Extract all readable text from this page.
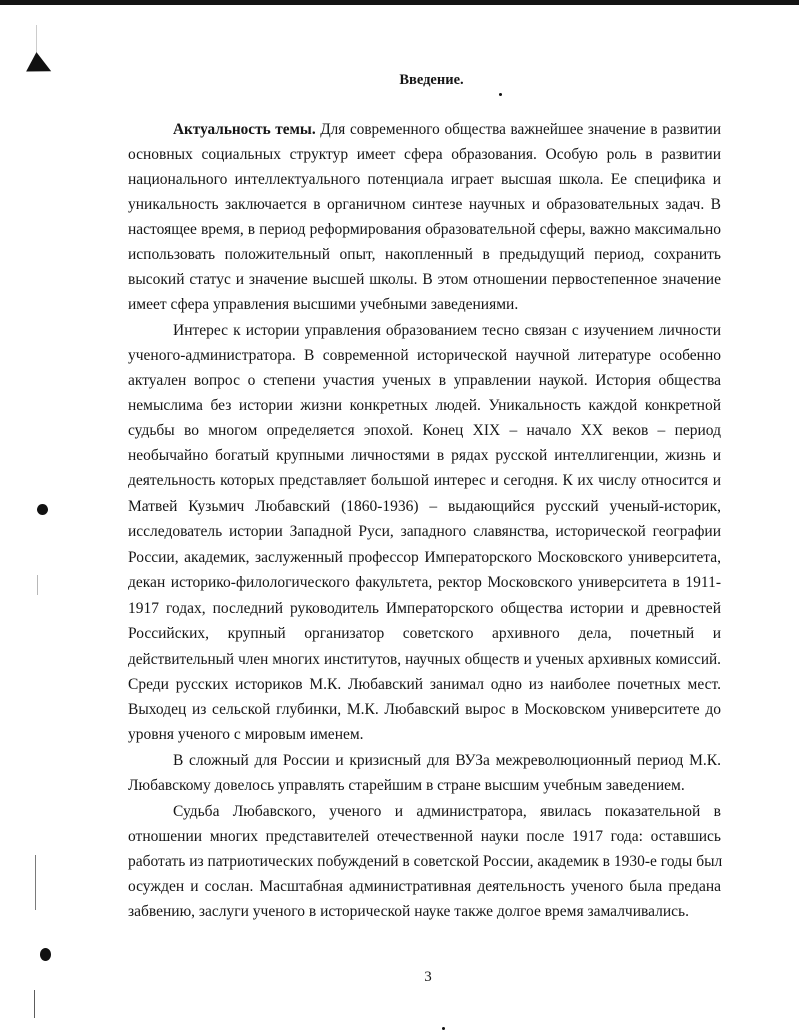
Введение.
Актуальность темы. Для современного общества важнейшее значение в развитии
основных социальных структур имеет сфера образования. Особую роль в развитии
национального интеллектуального потенциала играет высшая школа. Ее специфика и
уникальность заключается в органичном синтезе научных и образовательных задач. В
настоящее время, в период реформирования образовательной сферы, важно максимально
использовать положительный опыт, накопленный в предыдущий период, сохранить
высокий статус и значение высшей школы. В этом отношении первостепенное значение
имеет сфера управления высшими учебными заведениями.
Интерес к истории управления образованием тесно связан с изучением личности
ученого-администратора. В современной исторической научной литературе особенно
актуален вопрос о степени участия ученых в управлении наукой. История общества
немыслима без истории жизни конкретных людей. Уникальность каждой конкретной
судьбы во многом определяется эпохой. Конец XIX – начало XX веков – период
необычайно богатый крупными личностями в рядах русской интеллигенции, жизнь и
деятельность которых представляет большой интерес и сегодня. К их числу относится и
Матвей Кузьмич Любавский (1860-1936) – выдающийся русский ученый-историк,
исследователь истории Западной Руси, западного славянства, исторической географии
России, академик, заслуженный профессор Императорского Московского университета,
декан историко-филологического факультета, ректор Московского университета в 1911-
1917 годах, последний руководитель Императорского общества истории и древностей
Российских, крупный организатор советского архивного дела, почетный и
действительный член многих институтов, научных обществ и ученых архивных комиссий.
Среди русских историков М.К. Любавский занимал одно из наиболее почетных мест.
Выходец из сельской глубинки, М.К. Любавский вырос в Московском университете до
уровня ученого с мировым именем.
В сложный для России и кризисный для ВУЗа межреволюционный период М.К.
Любавскому довелось управлять старейшим в стране высшим учебным заведением.
Судьба Любавского, ученого и администратора, явилась показательной в
отношении многих представителей отечественной науки после 1917 года: оставшись
работать из патриотических побуждений в советской России, академик в 1930-е годы был
осужден и сослан. Масштабная административная деятельность ученого была предана
забвению, заслуги ученого в исторической науке также долгое время замалчивались.
3
